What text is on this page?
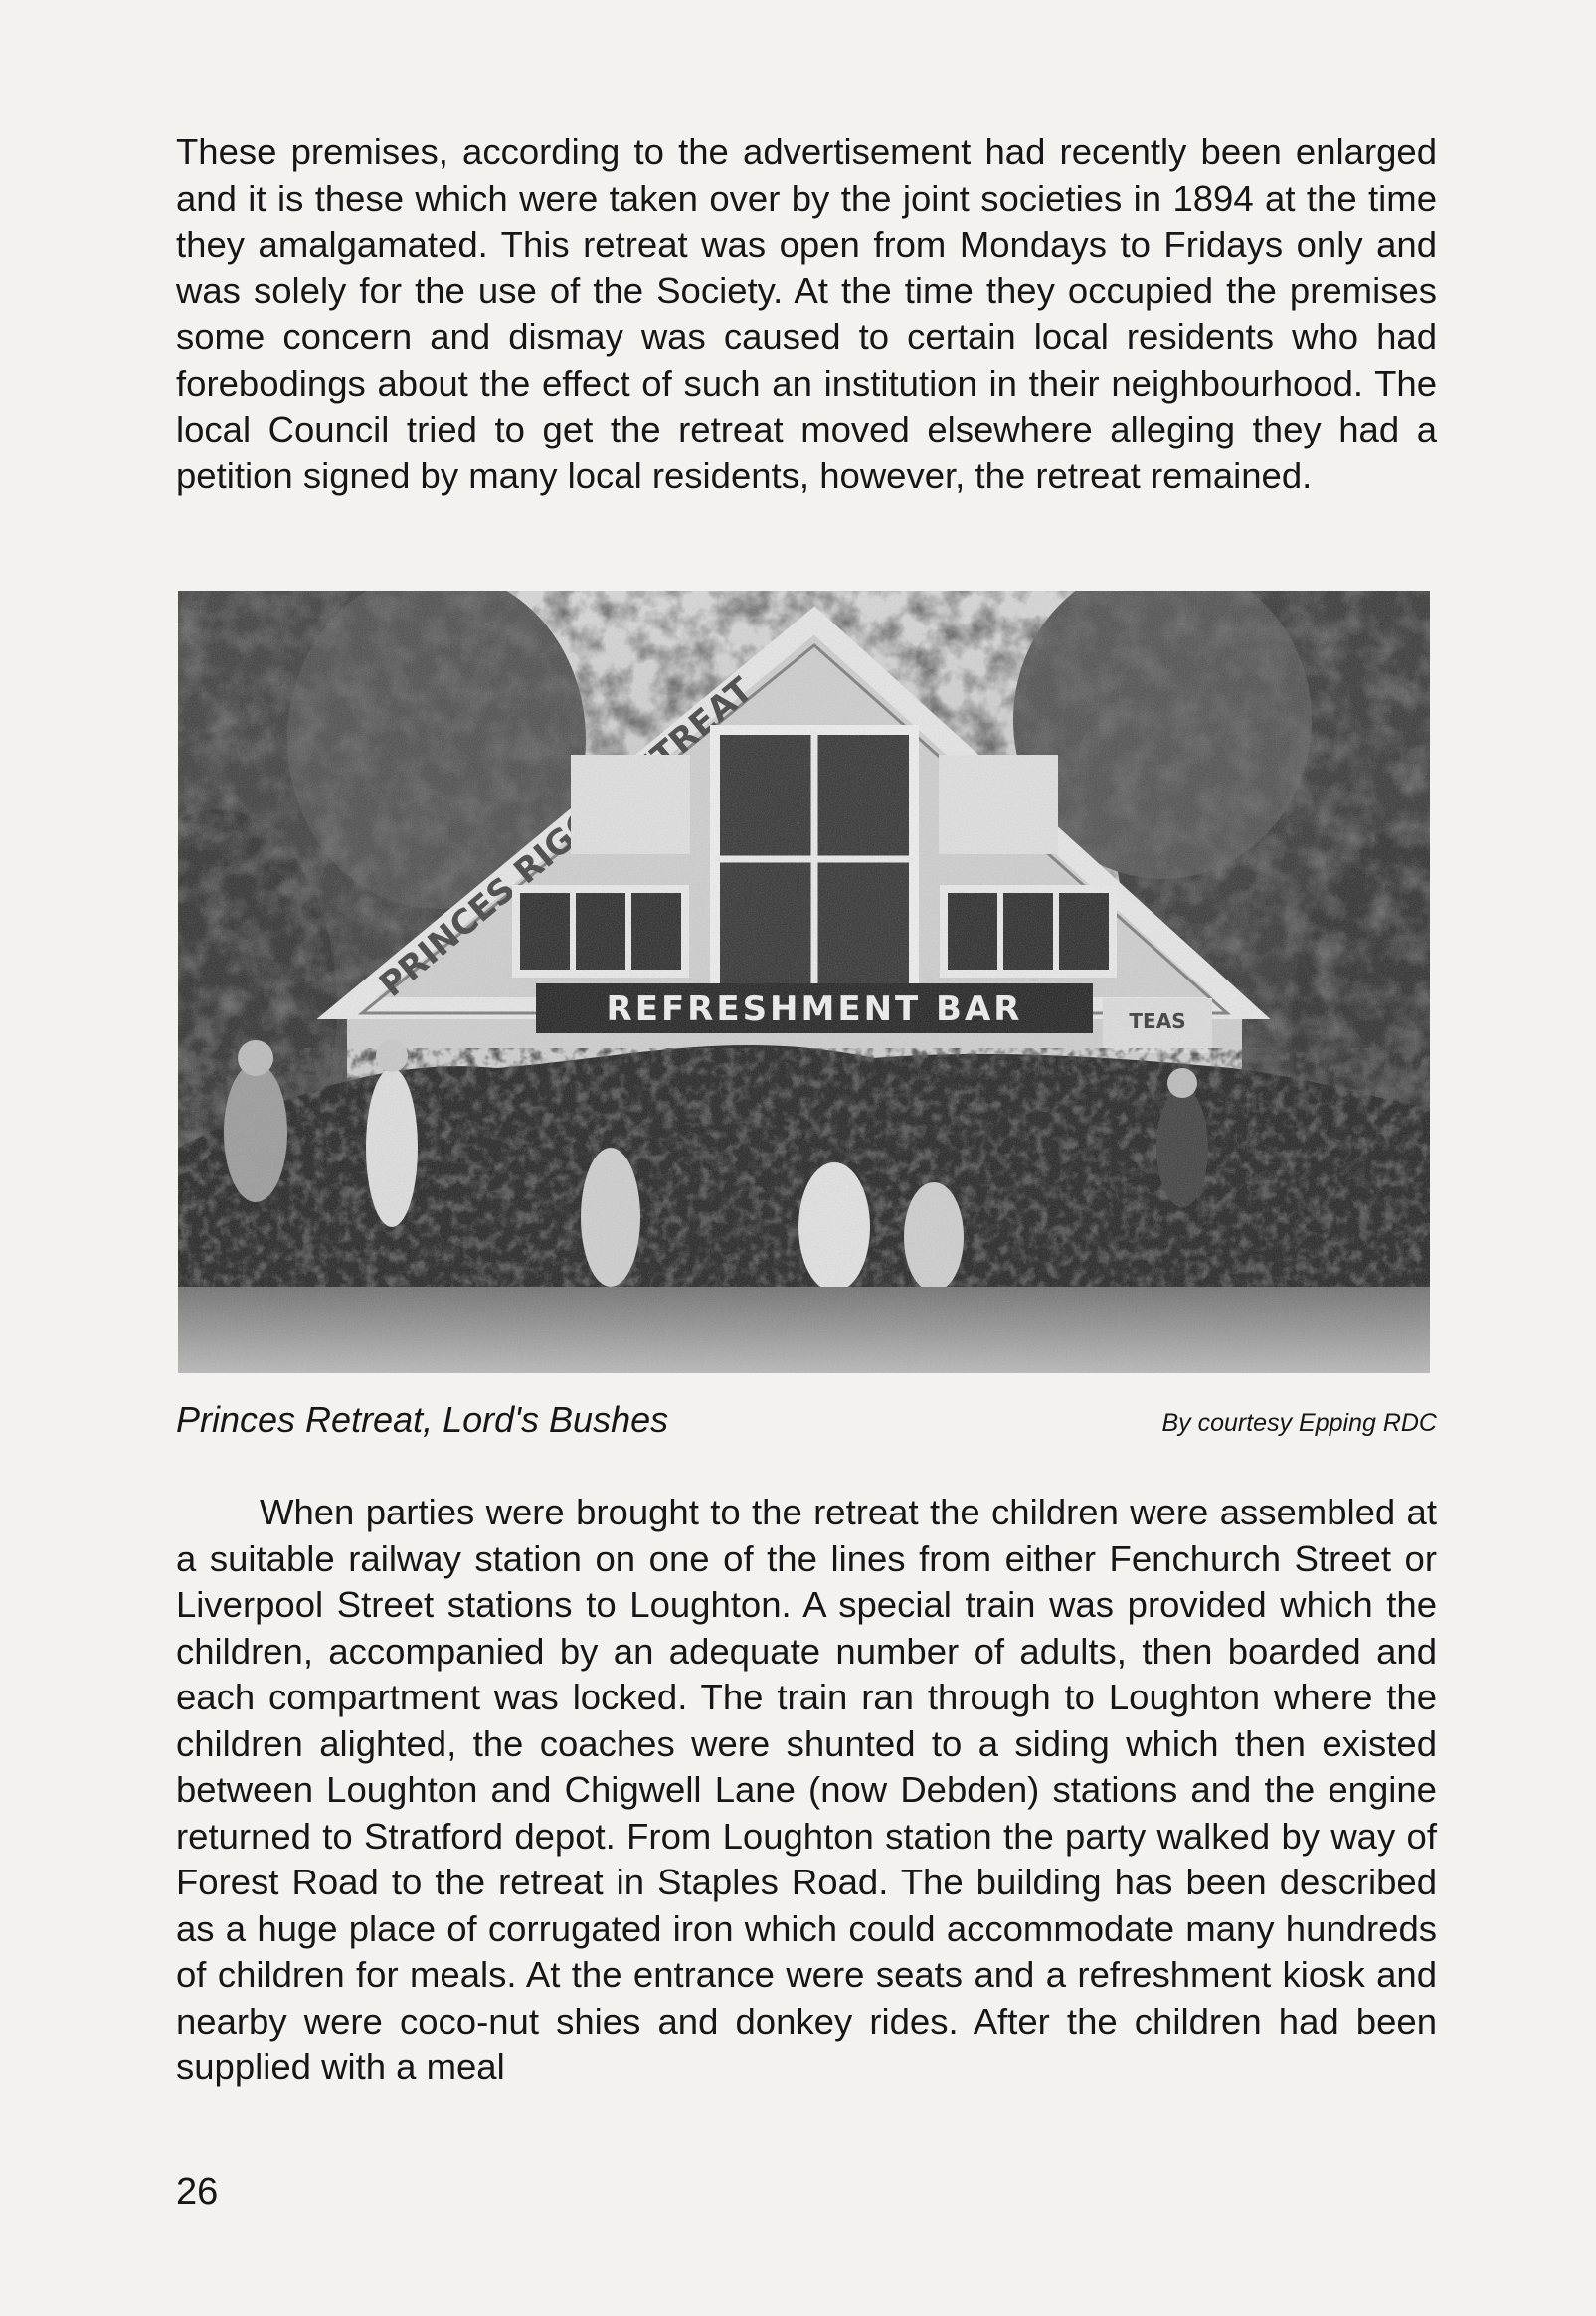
These premises, according to the advertisement had recently been enlarged and it is these which were taken over by the joint societies in 1894 at the time they amalgamated. This retreat was open from Mondays to Fridays only and was solely for the use of the Society. At the time they occupied the premises some concern and dismay was caused to certain local residents who had forebodings about the effect of such an institution in their neighbourhood. The local Council tried to get the retreat moved elsewhere alleging they had a petition signed by many local residents, however, the retreat remained.

Princes Retreat, Lord's Bushes	By courtesy Epping RDC

When parties were brought to the retreat the children were assembled at a suitable railway station on one of the lines from either Fenchurch Street or Liverpool Street stations to Loughton. A special train was provided which the children, accompanied by an adequate number of adults, then boarded and each compartment was locked. The train ran through to Loughton where the children alighted, the coaches were shunted to a siding which then existed between Loughton and Chigwell Lane (now Debden) stations and the engine returned to Stratford depot. From Loughton station the party walked by way of Forest Road to the retreat in Staples Road. The building has been described as a huge place of corrugated iron which could accommodate many hundreds of children for meals. At the entrance were seats and a refreshment kiosk and nearby were coco-nut shies and donkey rides. After the children had been supplied with a meal

26
